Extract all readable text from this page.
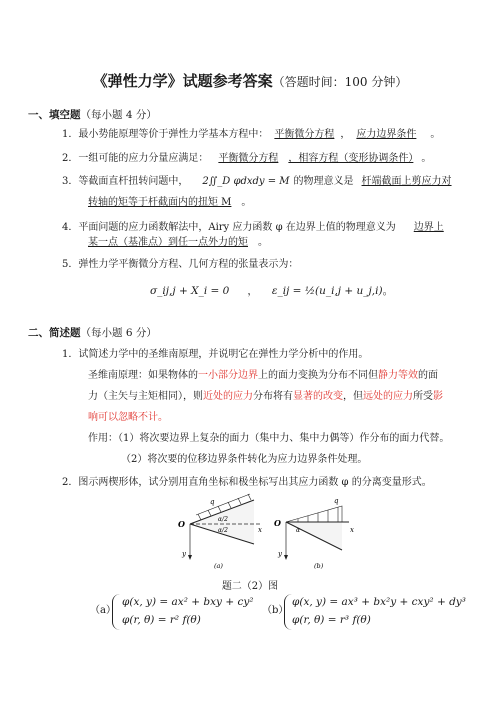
《弹性力学》试题参考答案（答题时间：100 分钟）
一、填空题（每小题 4 分）
1．最小势能原理等价于弹性力学基本方程中： 平衡微分方程 ， 应力边界条件 。
2．一组可能的应力分量应满足： 平衡微分方程 ，相容方程（变形协调条件） 。
3．等截面直杆扭转问题中， 2∬_D φdxdy = M 的物理意义是 杆端截面上剪应力对
转轴的矩等于杆截面内的扭矩 M 。
4．平面问题的应力函数解法中，Airy 应力函数 φ 在边界上值的物理意义为 边界上
某一点（基准点）到任一点外力的矩 。
5．弹性力学平衡微分方程、几何方程的张量表示为：
σ_ij,j + X_i = 0 ， ε_ij = ½(u_i,j + u_j,i)。
二、简述题（每小题 6 分）
1．试简述力学中的圣维南原理，并说明它在弹性力学分析中的作用。
圣维南原理：如果物体的一小部分边界上的面力变换为分布不同但静力等效的面
力（主矢与主矩相同），则近处的应力分布将有显著的改变，但远处的应力所受影
响可以忽略不计。
作用：（1）将次要边界上复杂的面力（集中力、集中力偶等）作分布的面力代替。
（2）将次要的位移边界条件转化为应力边界条件处理。
2．图示两楔形体，试分别用直角坐标和极坐标写出其应力函数 φ 的分离变量形式。
q
α/2
α/2
O
x
y
(a)
q
α
O
x
y
(b)
题二（2）图
（a）
φ(x, y) = ax² + bxy + cy²
φ(r, θ) = r² f(θ)
（b）
φ(x, y) = ax³ + bx²y + cxy² + dy³
φ(r, θ) = r³ f(θ)
